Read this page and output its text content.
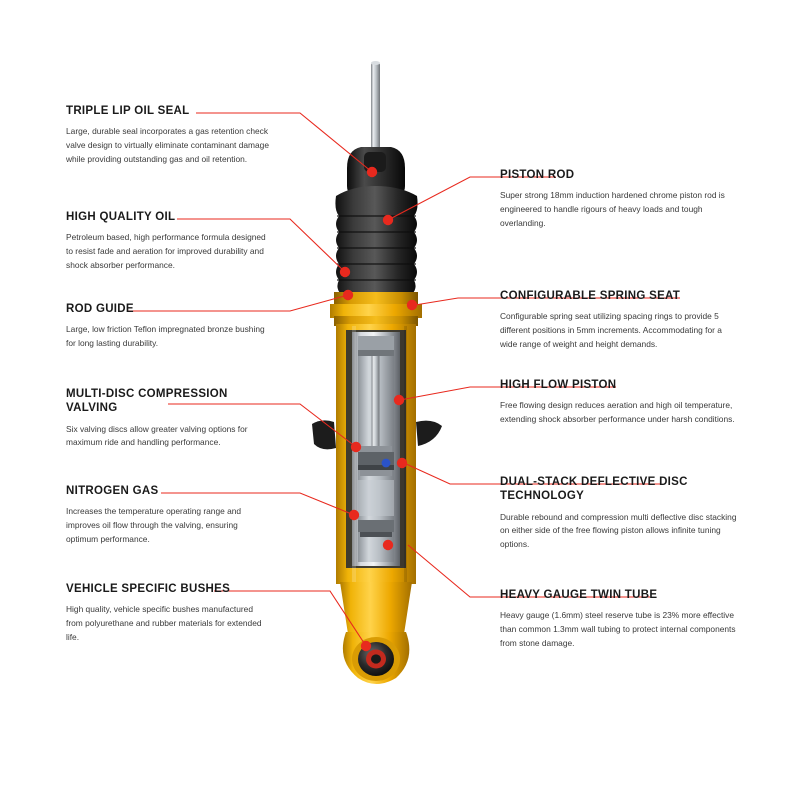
TRIPLE LIP OIL SEAL

Large, durable seal incorporates a gas retention check valve design to virtually eliminate contaminant damage while providing outstanding gas and oil retention.

HIGH QUALITY OIL

Petroleum based, high performance formula designed to resist fade and aeration for improved durability and shock absorber performance.

ROD GUIDE

Large, low friction Teflon impregnated bronze bushing for long lasting durability.

MULTI-DISC COMPRESSION VALVING

Six valving discs allow greater valving options for maximum ride and handling performance.

NITROGEN GAS

Increases the temperature operating range and improves oil flow through the valving, ensuring optimum performance.

VEHICLE SPECIFIC BUSHES

High quality, vehicle specific bushes manufactured from polyurethane and rubber materials for extended life.

PISTON ROD

Super strong 18mm induction hardened chrome piston rod is engineered to handle rigours of heavy loads and tough overlanding.

CONFIGURABLE SPRING SEAT

Configurable spring seat utilizing spacing rings to provide 5 different positions in 5mm increments. Accommodating for a wide range of weight and height demands.

HIGH FLOW PISTON

Free flowing design reduces aeration and high oil temperature, extending shock absorber performance under harsh conditions.

DUAL-STACK DEFLECTIVE DISC TECHNOLOGY

Durable rebound and compression multi deflective disc stacking on either side of the free flowing piston allows infinite tuning options.

HEAVY GAUGE TWIN TUBE

Heavy gauge (1.6mm) steel reserve tube is 23% more effective than common 1.3mm wall tubing to protect internal components from stone damage.
